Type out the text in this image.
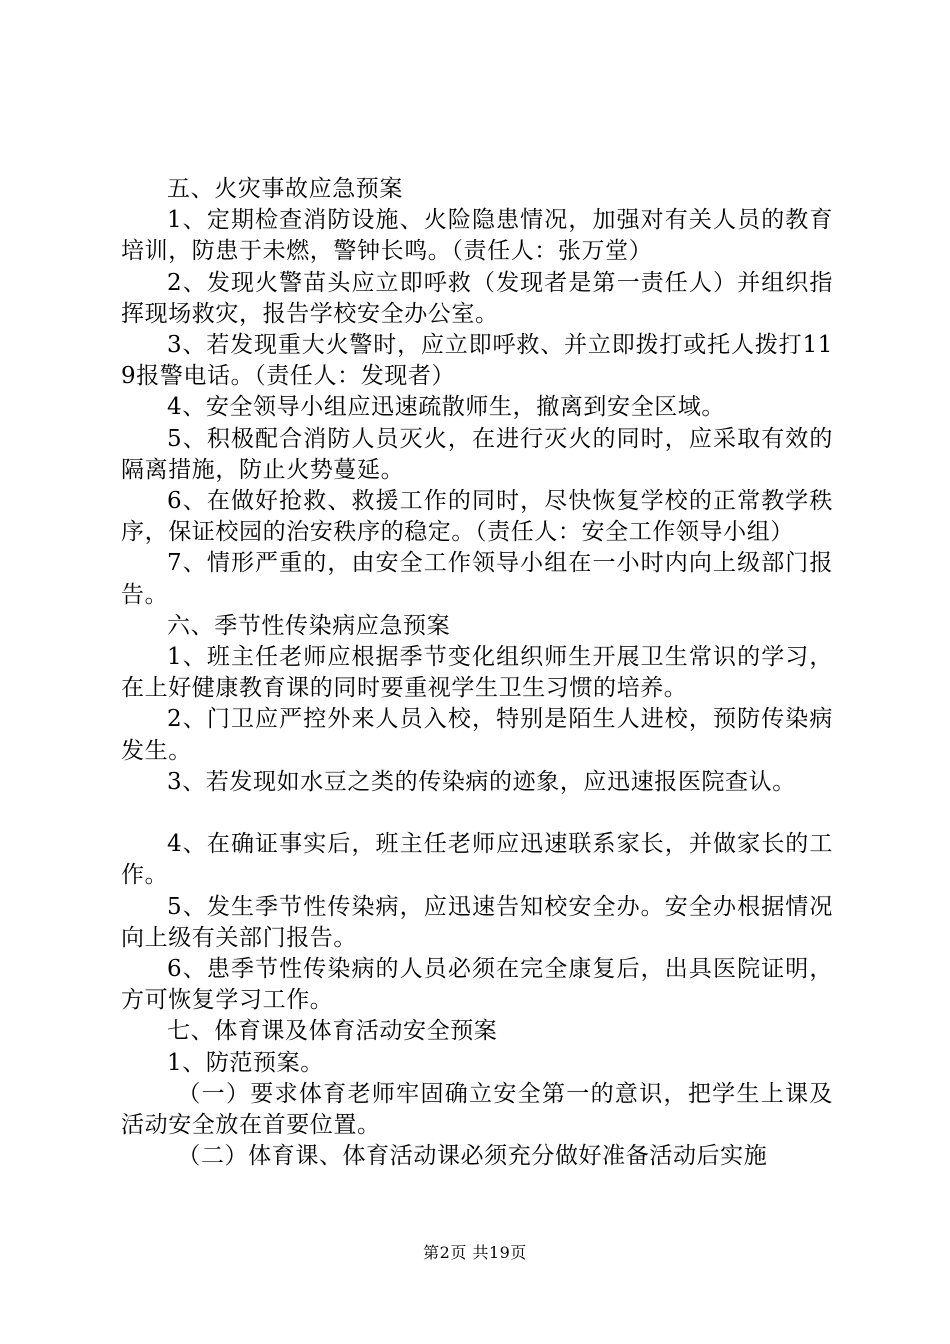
五、火灾事故应急预案

1、定期检查消防设施、火险隐患情况，加强对有关人员的教育培训，防患于未燃，警钟长鸣。（责任人：张万堂）

2、发现火警苗头应立即呼救（发现者是第一责任人）并组织指挥现场救灾，报告学校安全办公室。

3、若发现重大火警时，应立即呼救、并立即拨打或托人拨打119报警电话。（责任人：发现者）

4、安全领导小组应迅速疏散师生，撤离到安全区域。

5、积极配合消防人员灭火，在进行灭火的同时，应采取有效的隔离措施，防止火势蔓延。

6、在做好抢救、救援工作的同时，尽快恢复学校的正常教学秩序，保证校园的治安秩序的稳定。（责任人：安全工作领导小组）

7、情形严重的，由安全工作领导小组在一小时内向上级部门报告。

六、季节性传染病应急预案

1、班主任老师应根据季节变化组织师生开展卫生常识的学习，在上好健康教育课的同时要重视学生卫生习惯的培养。

2、门卫应严控外来人员入校，特别是陌生人进校，预防传染病发生。

3、若发现如水豆之类的传染病的迹象，应迅速报医院查认。

4、在确证事实后，班主任老师应迅速联系家长，并做家长的工作。

5、发生季节性传染病，应迅速告知校安全办。安全办根据情况向上级有关部门报告。

6、患季节性传染病的人员必须在完全康复后，出具医院证明，方可恢复学习工作。

七、体育课及体育活动安全预案

1、防范预案。

（一）要求体育老师牢固确立安全第一的意识，把学生上课及活动安全放在首要位置。

（二）体育课、体育活动课必须充分做好准备活动后实施

第2页 共19页
